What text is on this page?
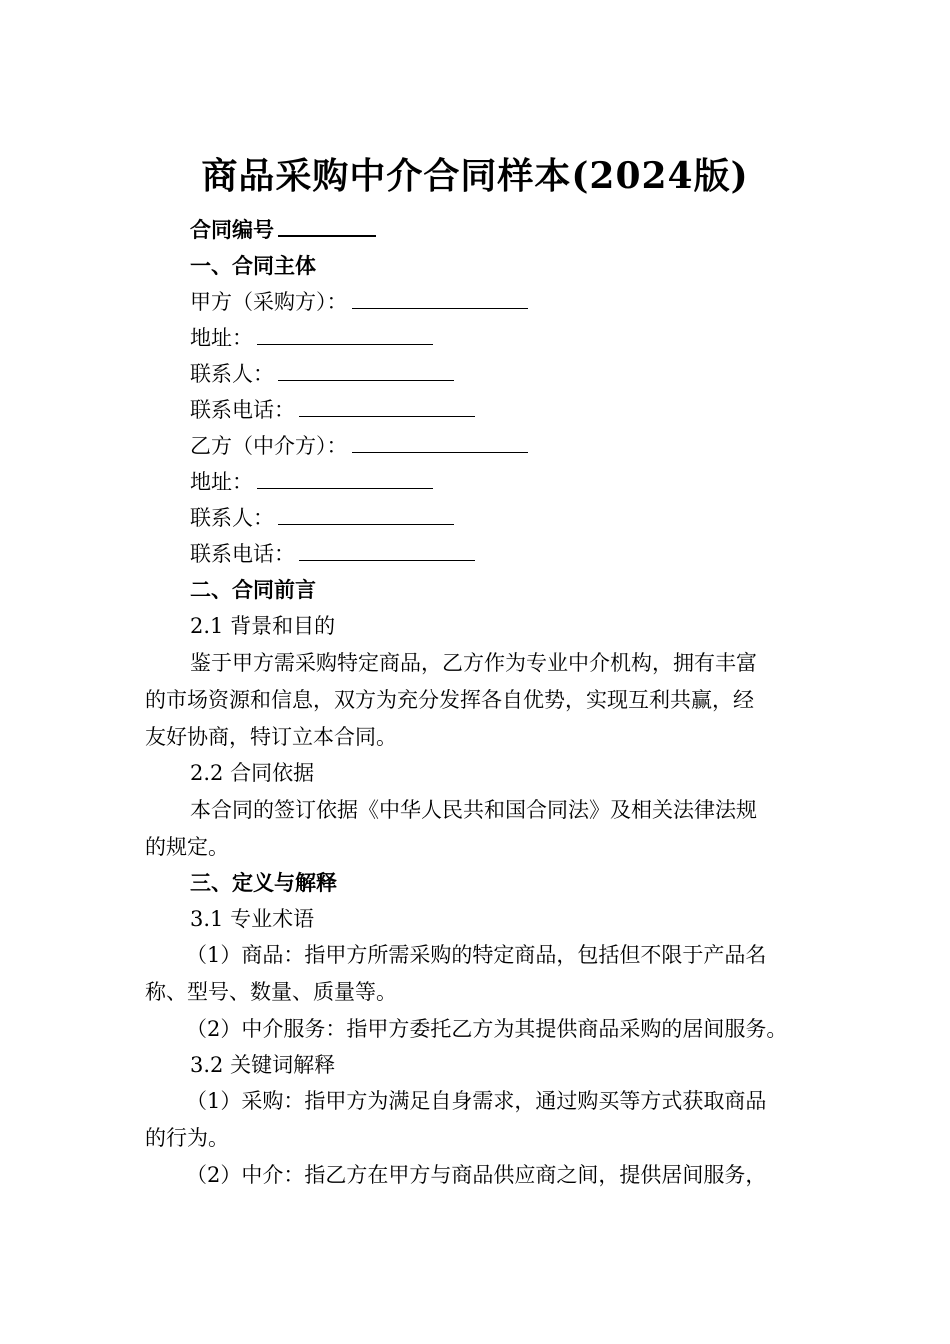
商品采购中介合同样本(2024版)
合同编号
一、合同主体
甲方（采购方）：
地址：
联系人：
联系电话：
乙方（中介方）：
地址：
联系人：
联系电话：
二、合同前言
2.1 背景和目的
鉴于甲方需采购特定商品，乙方作为专业中介机构，拥有丰富
的市场资源和信息，双方为充分发挥各自优势，实现互利共赢，经
友好协商，特订立本合同。
2.2 合同依据
本合同的签订依据《中华人民共和国合同法》及相关法律法规
的规定。
三、定义与解释
3.1 专业术语
（1）商品：指甲方所需采购的特定商品，包括但不限于产品名
称、型号、数量、质量等。
（2）中介服务：指甲方委托乙方为其提供商品采购的居间服务。
3.2 关键词解释
（1）采购：指甲方为满足自身需求，通过购买等方式获取商品
的行为。
（2）中介：指乙方在甲方与商品供应商之间，提供居间服务，
